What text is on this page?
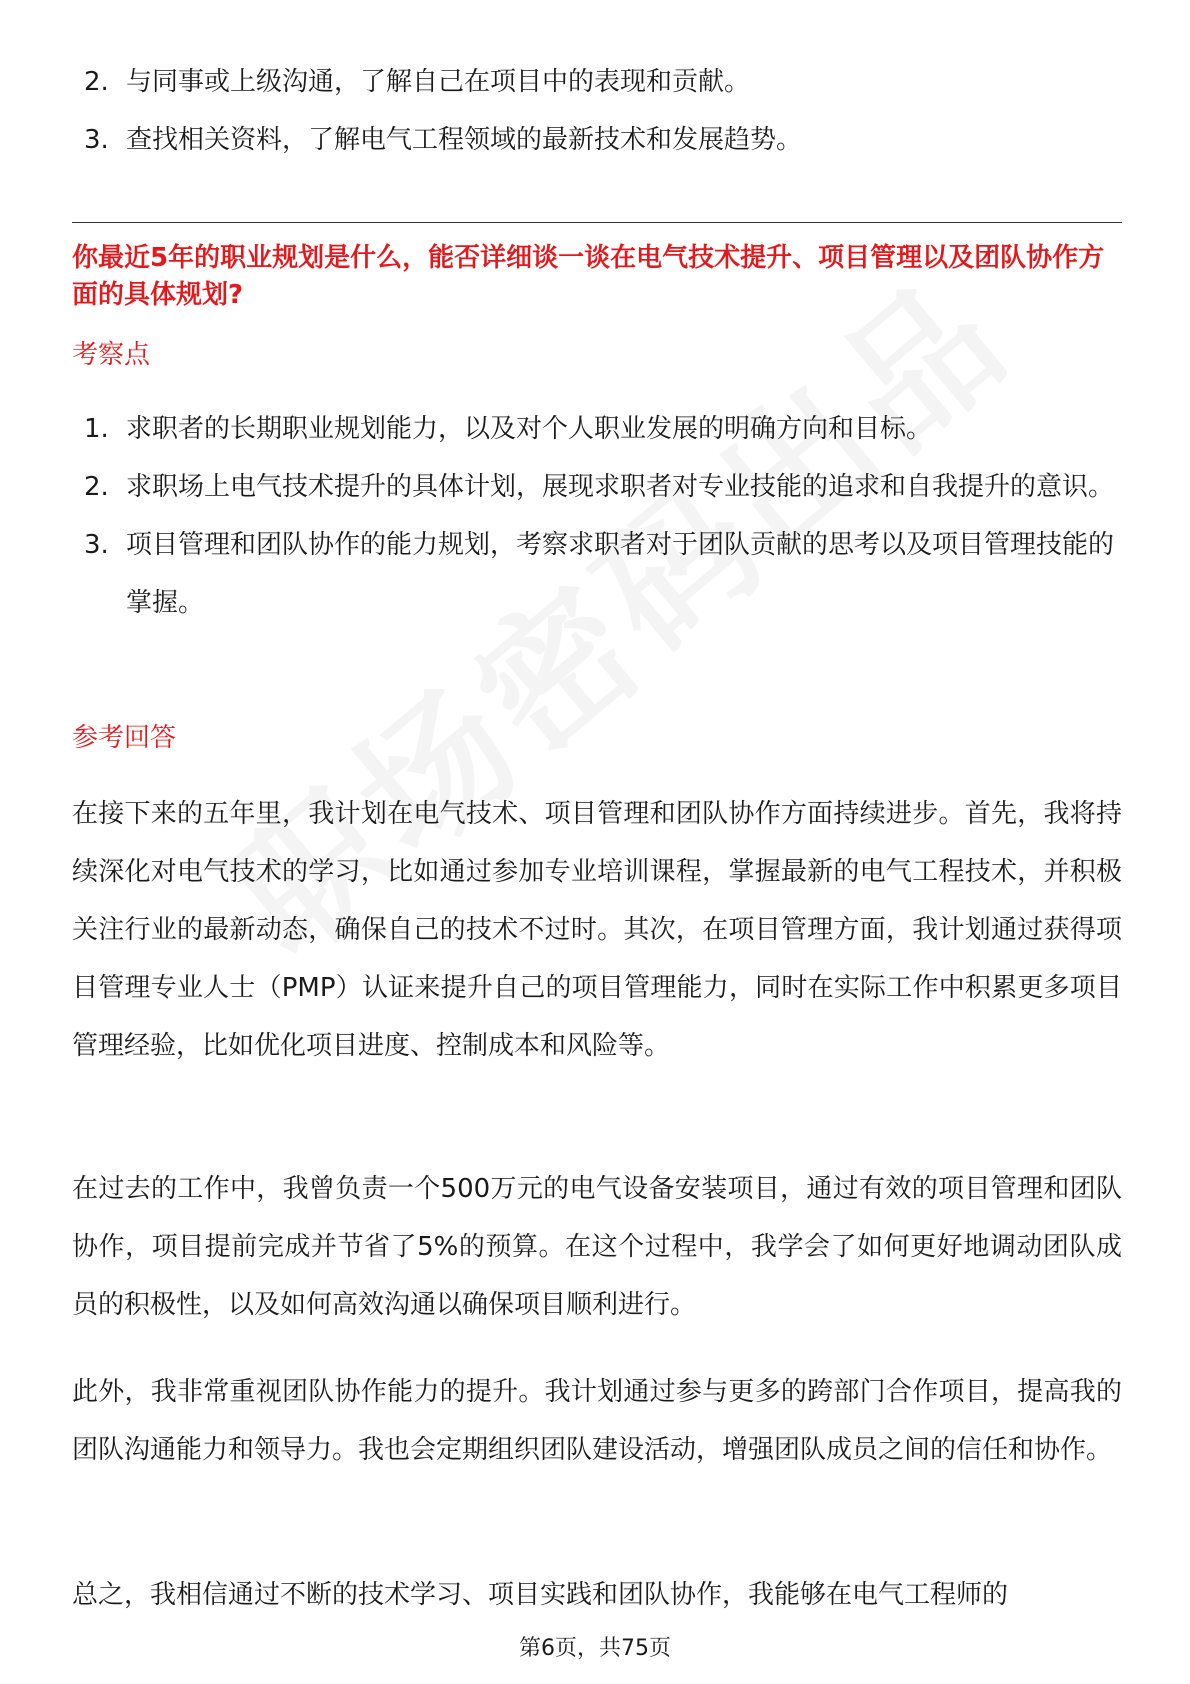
2. 与同事或上级沟通，了解自己在项目中的表现和贡献。
3. 查找相关资料，了解电气工程领域的最新技术和发展趋势。

你最近5年的职业规划是什么，能否详细谈一谈在电气技术提升、项目管理以及团队协作方面的具体规划?

考察点

1. 求职者的长期职业规划能力，以及对个人职业发展的明确方向和目标。
2. 求职场上电气技术提升的具体计划，展现求职者对专业技能的追求和自我提升的意识。
3. 项目管理和团队协作的能力规划，考察求职者对于团队贡献的思考以及项目管理技能的掌握。

参考回答

在接下来的五年里，我计划在电气技术、项目管理和团队协作方面持续进步。首先，我将持续深化对电气技术的学习，比如通过参加专业培训课程，掌握最新的电气工程技术，并积极关注行业的最新动态，确保自己的技术不过时。其次，在项目管理方面，我计划通过获得项目管理专业人士（PMP）认证来提升自己的项目管理能力，同时在实际工作中积累更多项目管理经验，比如优化项目进度、控制成本和风险等。

在过去的工作中，我曾负责一个500万元的电气设备安装项目，通过有效的项目管理和团队协作，项目提前完成并节省了5%的预算。在这个过程中，我学会了如何更好地调动团队成员的积极性，以及如何高效沟通以确保项目顺利进行。

此外，我非常重视团队协作能力的提升。我计划通过参与更多的跨部门合作项目，提高我的团队沟通能力和领导力。我也会定期组织团队建设活动，增强团队成员之间的信任和协作。

总之，我相信通过不断的技术学习、项目实践和团队协作，我能够在电气工程师的

第6页，共75页
